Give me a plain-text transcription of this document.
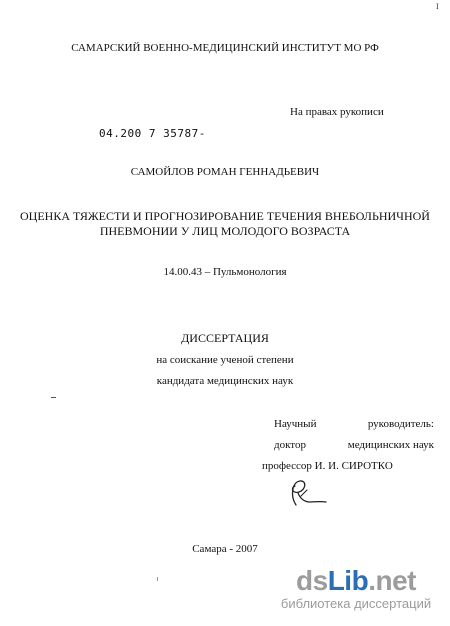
I
САМАРСКИЙ ВОЕННО-МЕДИЦИНСКИЙ ИНСТИТУТ МО РФ
На правах рукописи
04.200 7 35787-
САМОЙЛОВ РОМАН ГЕННАДЬЕВИЧ
ОЦЕНКА ТЯЖЕСТИ И ПРОГНОЗИРОВАНИЕ ТЕЧЕНИЯ ВНЕБОЛЬНИЧНОЙ
ПНЕВМОНИИ У ЛИЦ МОЛОДОГО ВОЗРАСТА
14.00.43 – Пульмонология
ДИССЕРТАЦИЯ
на соискание ученой степени
кандидата медицинских наук
Научный	руководитель:
доктор	медицинских наук
профессор И. И. СИРОТКО
Самара - 2007
dsLib.net
библиотека диссертаций
